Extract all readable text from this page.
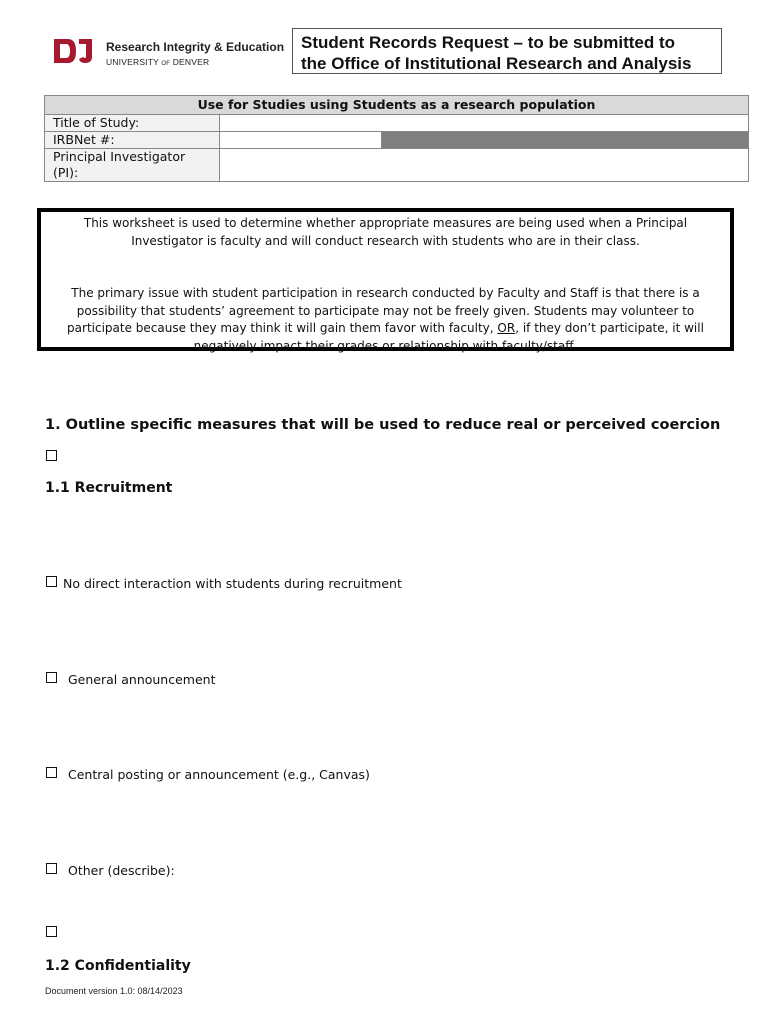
Research Integrity & Education
UNIVERSITY OF DENVER
Student Records Request – to be submitted to
the Office of Institutional Research and Analysis
Use for Studies using Students as a research population		
Title of Study:		
IRBNet #:		
Principal Investigator (PI):		

This worksheet is used to determine whether appropriate measures are being used when a Principal Investigator is faculty and will conduct research with students who are in their class.

The primary issue with student participation in research conducted by Faculty and Staff is that there is a possibility that students’ agreement to participate may not be freely given. Students may volunteer to participate because they may think it will gain them favor with faculty, OR, if they don’t participate, it will negatively impact their grades or relationship with faculty/staff.

1. Outline specific measures that will be used to reduce real or perceived coercion
1.1 Recruitment
No direct interaction with students during recruitment
General announcement
Central posting or announcement (e.g., Canvas)
Other (describe):
1.2 Confidentiality
Document version 1.0: 08/14/2023
